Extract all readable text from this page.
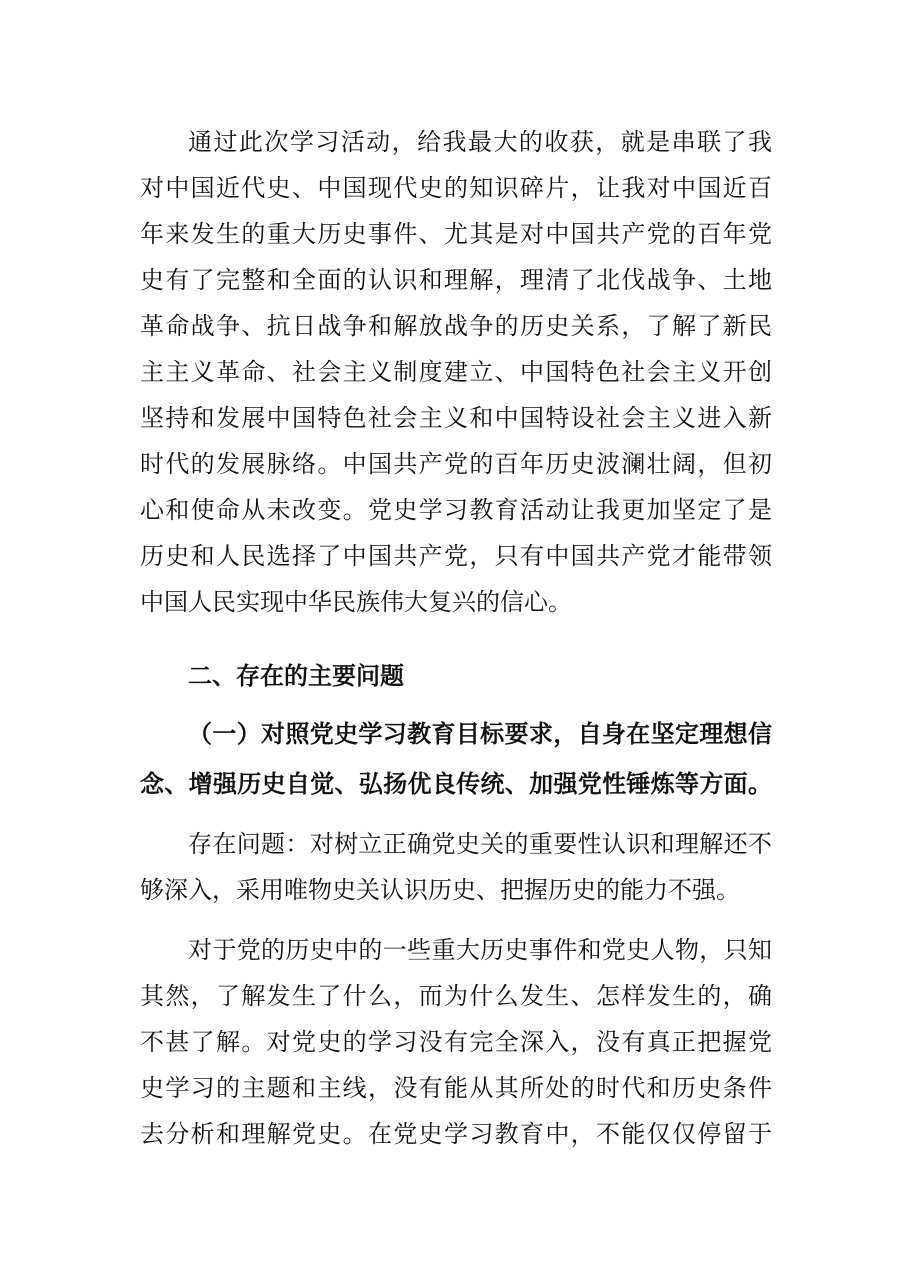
通过此次学习活动，给我最大的收获，就是串联了我
对中国近代史、中国现代史的知识碎片，让我对中国近百
年来发生的重大历史事件、尤其是对中国共产党的百年党
史有了完整和全面的认识和理解，理清了北伐战争、土地
革命战争、抗日战争和解放战争的历史关系，了解了新民
主主义革命、社会主义制度建立、中国特色社会主义开创
坚持和发展中国特色社会主义和中国特设社会主义进入新
时代的发展脉络。中国共产党的百年历史波澜壮阔，但初
心和使命从未改变。党史学习教育活动让我更加坚定了是
历史和人民选择了中国共产党，只有中国共产党才能带领
中国人民实现中华民族伟大复兴的信心。
二、存在的主要问题
（一）对照党史学习教育目标要求，自身在坚定理想信
念、增强历史自觉、弘扬优良传统、加强党性锤炼等方面。
存在问题：对树立正确党史关的重要性认识和理解还不
够深入，采用唯物史关认识历史、把握历史的能力不强。
对于党的历史中的一些重大历史事件和党史人物，只知
其然，了解发生了什么，而为什么发生、怎样发生的，确
不甚了解。对党史的学习没有完全深入，没有真正把握党
史学习的主题和主线，没有能从其所处的时代和历史条件
去分析和理解党史。在党史学习教育中，不能仅仅停留于
